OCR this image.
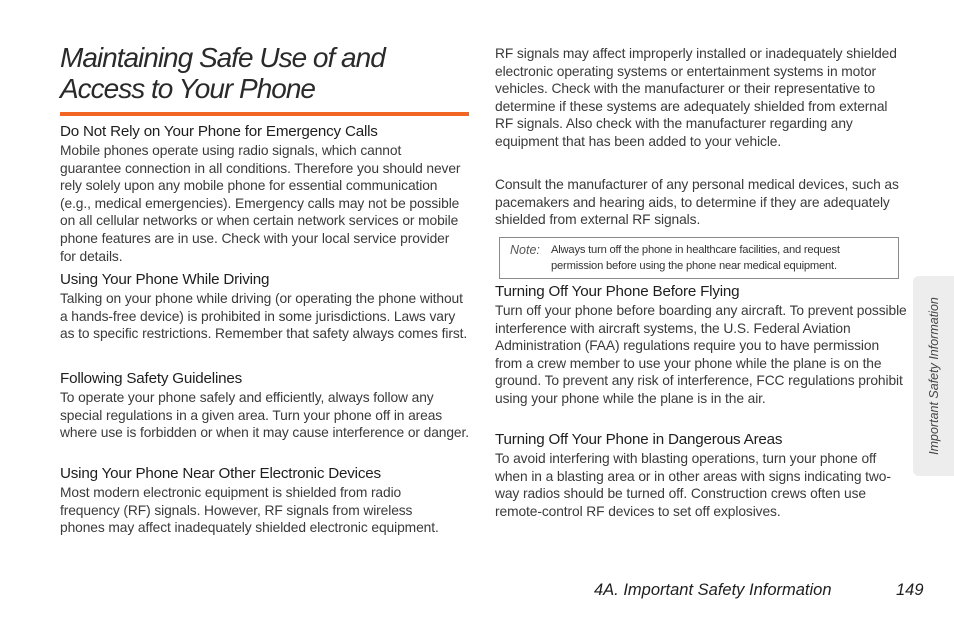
Maintaining Safe Use of and Access to Your Phone
Do Not Rely on Your Phone for Emergency Calls

Mobile phones operate using radio signals, which cannot guarantee connection in all conditions. Therefore you should never rely solely upon any mobile phone for essential communication (e.g., medical emergencies). Emergency calls may not be possible on all cellular networks or when certain network services or mobile phone features are in use. Check with your local service provider for details.

Using Your Phone While Driving

Talking on your phone while driving (or operating the phone without a hands-free device) is prohibited in some jurisdictions. Laws vary as to specific restrictions. Remember that safety always comes first.

Following Safety Guidelines

To operate your phone safely and efficiently, always follow any special regulations in a given area. Turn your phone off in areas where use is forbidden or when it may cause interference or danger.

Using Your Phone Near Other Electronic Devices

Most modern electronic equipment is shielded from radio frequency (RF) signals. However, RF signals from wireless phones may affect inadequately shielded electronic equipment.

RF signals may affect improperly installed or inadequately shielded electronic operating systems or entertainment systems in motor vehicles. Check with the manufacturer or their representative to determine if these systems are adequately shielded from external RF signals. Also check with the manufacturer regarding any equipment that has been added to your vehicle.

Consult the manufacturer of any personal medical devices, such as pacemakers and hearing aids, to determine if they are adequately shielded from external RF signals.

Note: Always turn off the phone in healthcare facilities, and request permission before using the phone near medical equipment.
Turning Off Your Phone Before Flying

Turn off your phone before boarding any aircraft. To prevent possible interference with aircraft systems, the U.S. Federal Aviation Administration (FAA) regulations require you to have permission from a crew member to use your phone while the plane is on the ground. To prevent any risk of interference, FCC regulations prohibit using your phone while the plane is in the air.

Turning Off Your Phone in Dangerous Areas

To avoid interfering with blasting operations, turn your phone off when in a blasting area or in other areas with signs indicating two-way radios should be turned off. Construction crews often use remote-control RF devices to set off explosives.

Important Safety Information
4A. Important Safety Information	149
